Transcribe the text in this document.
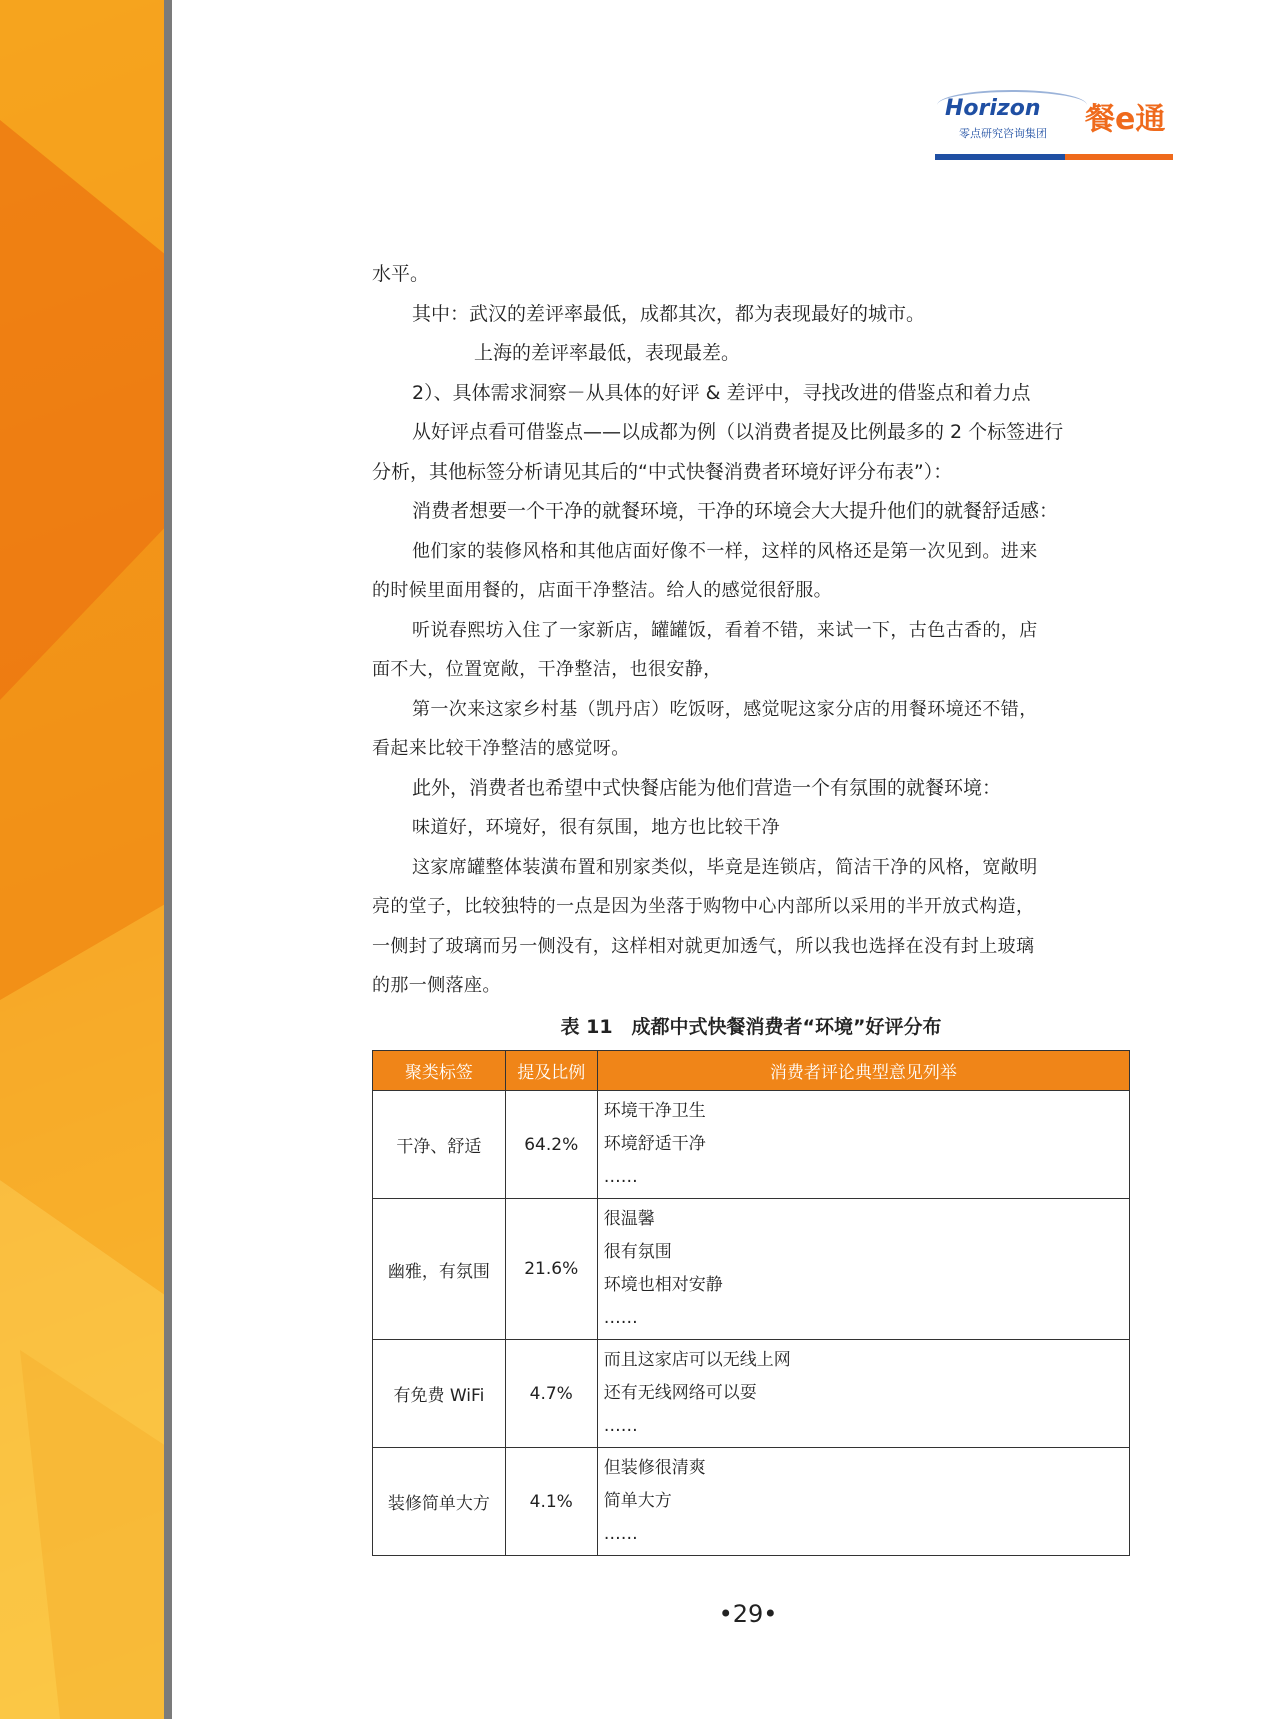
Horizon
零点研究咨询集团 餐e通
水平。
其中：武汉的差评率最低，成都其次，都为表现最好的城市。
上海的差评率最低，表现最差。
2）、具体需求洞察－从具体的好评 & 差评中，寻找改进的借鉴点和着力点
从好评点看可借鉴点——以成都为例（以消费者提及比例最多的 2 个标签进行
分析，其他标签分析请见其后的“中式快餐消费者环境好评分布表”）：
消费者想要一个干净的就餐环境，干净的环境会大大提升他们的就餐舒适感：
他们家的装修风格和其他店面好像不一样，这样的风格还是第一次见到。进来
的时候里面用餐的，店面干净整洁。给人的感觉很舒服。
听说春熙坊入住了一家新店，罐罐饭，看着不错，来试一下，古色古香的，店
面不大，位置宽敞，干净整洁，也很安静，
第一次来这家乡村基（凯丹店）吃饭呀，感觉呢这家分店的用餐环境还不错，
看起来比较干净整洁的感觉呀。
此外，消费者也希望中式快餐店能为他们营造一个有氛围的就餐环境：
味道好，环境好，很有氛围，地方也比较干净
这家席罐整体装潢布置和别家类似，毕竟是连锁店，简洁干净的风格，宽敞明
亮的堂子，比较独特的一点是因为坐落于购物中心内部所以采用的半开放式构造，
一侧封了玻璃而另一侧没有，这样相对就更加透气，所以我也选择在没有封上玻璃
的那一侧落座。
表 11　成都中式快餐消费者“环境”好评分布
聚类标签	提及比例	消费者评论典型意见列举
干净、舒适	64.2%	环境干净卫生
环境舒适干净
……

幽雅，有氛围	21.6%	很温馨
很有氛围
环境也相对安静
……

有免费 WiFi	4.7%	而且这家店可以无线上网
还有无线网络可以耍
……

装修简单大方	4.1%	但装修很清爽
简单大方
……
•29•
